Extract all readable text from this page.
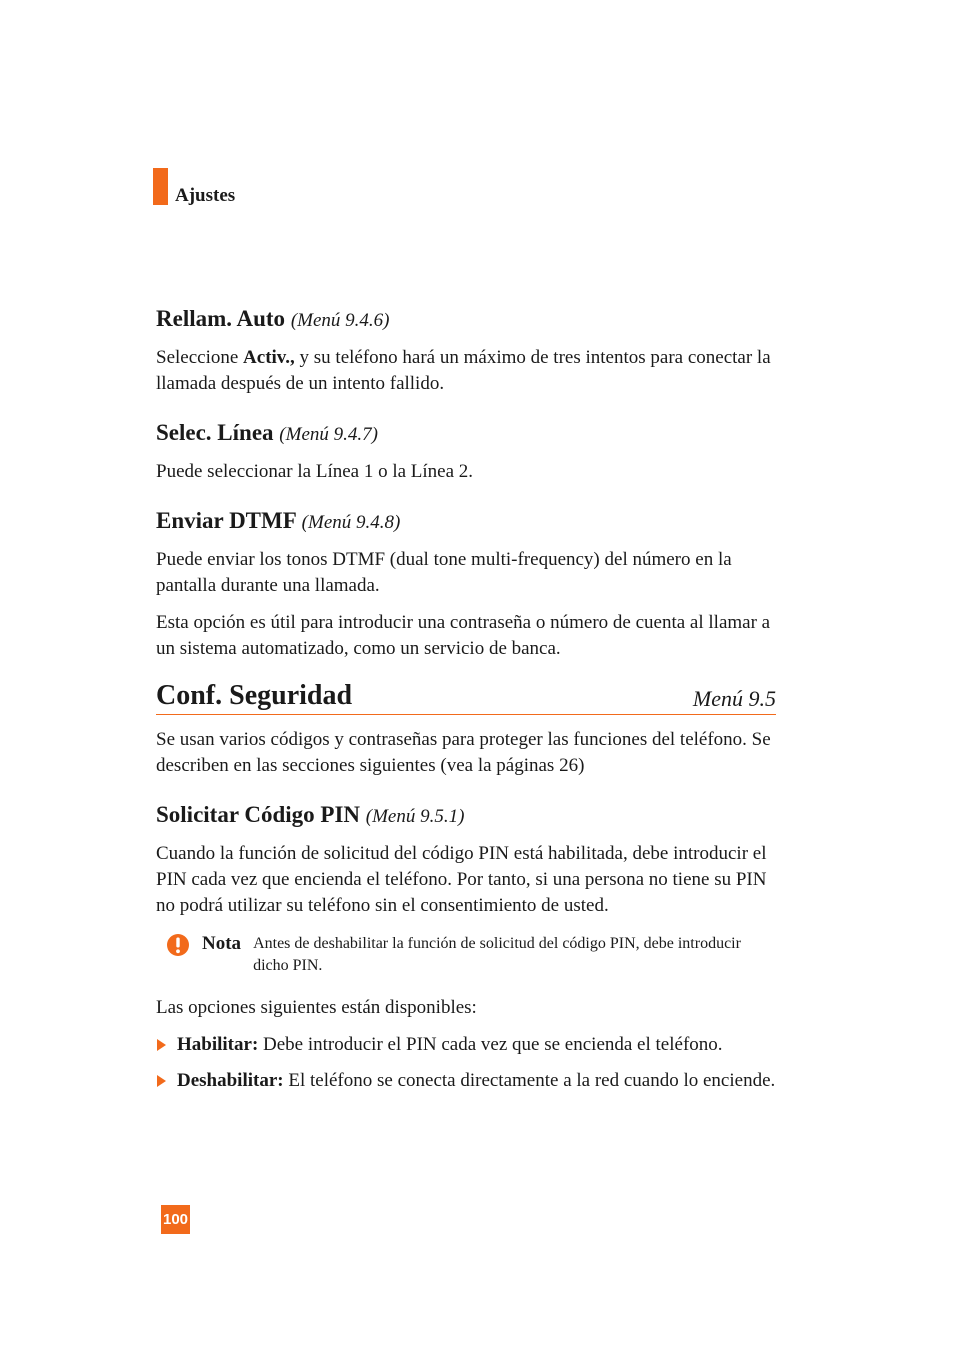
Ajustes
Rellam. Auto (Menú 9.4.6)

Seleccione Activ., y su teléfono hará un máximo de tres intentos para conectar la llamada después de un intento fallido.

Selec. Línea (Menú 9.4.7)

Puede seleccionar la Línea 1 o la Línea 2.

Enviar DTMF (Menú 9.4.8)

Puede enviar los tonos DTMF (dual tone multi-frequency) del número en la pantalla durante una llamada.

Esta opción es útil para introducir una contraseña o número de cuenta al llamar a un sistema automatizado, como un servicio de banca.

Conf. Seguridad	Menú 9.5

Se usan varios códigos y contraseñas para proteger las funciones del teléfono. Se describen en las secciones siguientes (vea la páginas 26)

Solicitar Código PIN (Menú 9.5.1)

Cuando la función de solicitud del código PIN está habilitada, debe introducir el PIN cada vez que encienda el teléfono. Por tanto, si una persona no tiene su PIN no podrá utilizar su teléfono sin el consentimiento de usted.

Nota Antes de deshabilitar la función de solicitud del código PIN, debe introducir dicho PIN.

Las opciones siguientes están disponibles:

Habilitar: Debe introducir el PIN cada vez que se encienda el teléfono.
Deshabilitar: El teléfono se conecta directamente a la red cuando lo enciende.
100
